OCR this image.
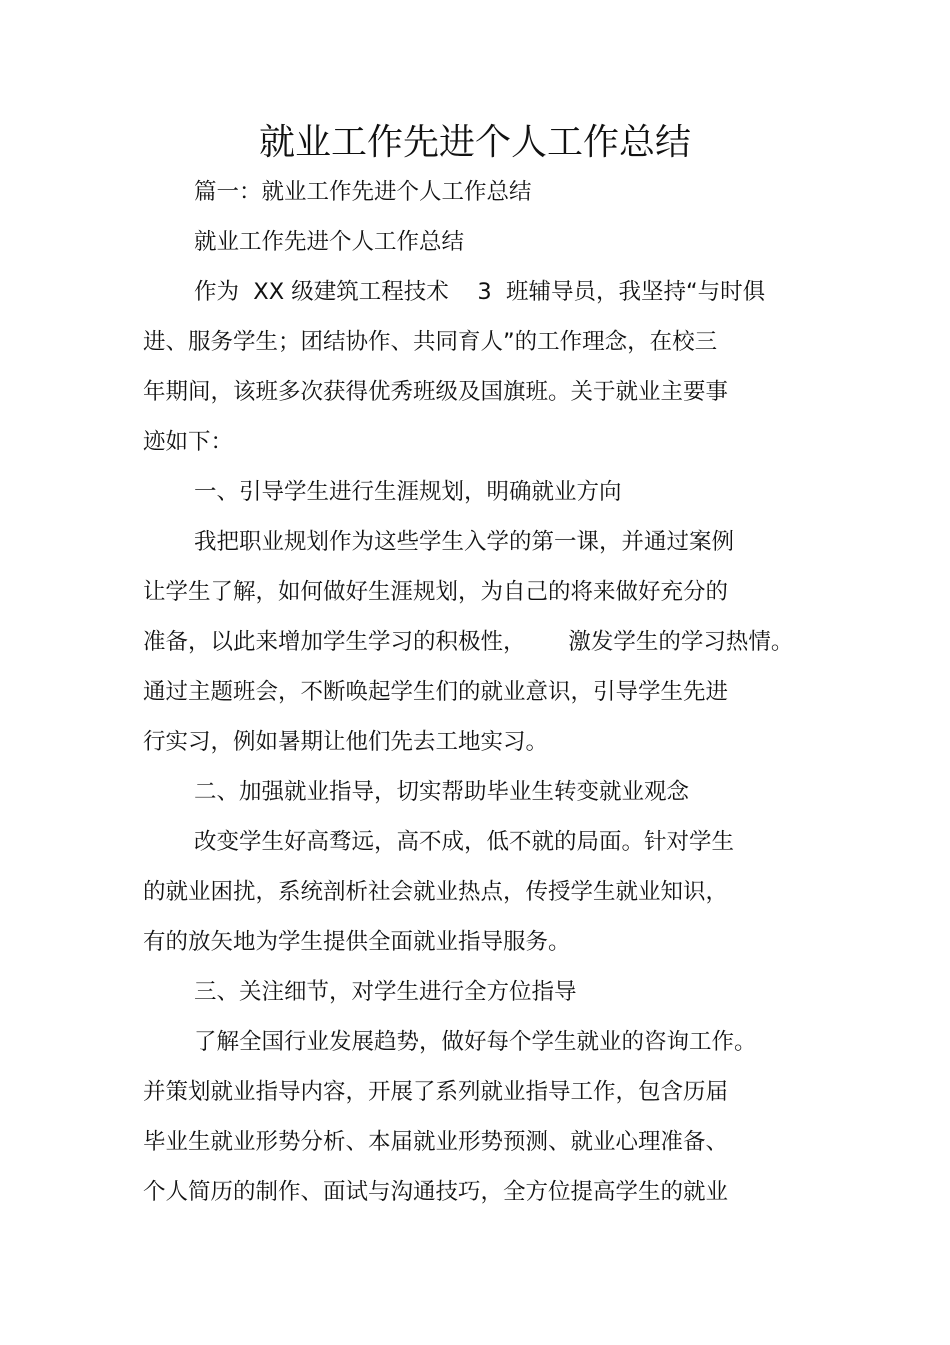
就业工作先进个人工作总结
篇一：就业工作先进个人工作总结
就业工作先进个人工作总结
作为  XX 级建筑工程技术    3  班辅导员，我坚持“与时俱
进、服务学生；团结协作、共同育人”的工作理念，在校三
年期间，该班多次获得优秀班级及国旗班。关于就业主要事
迹如下：
一、引导学生进行生涯规划，明确就业方向
我把职业规划作为这些学生入学的第一课，并通过案例
让学生了解，如何做好生涯规划，为自己的将来做好充分的
准备，以此来增加学生学习的积极性，      激发学生的学习热情。
通过主题班会，不断唤起学生们的就业意识，引导学生先进
行实习，例如暑期让他们先去工地实习。
二、加强就业指导，切实帮助毕业生转变就业观念
改变学生好高骛远，高不成，低不就的局面。针对学生
的就业困扰，系统剖析社会就业热点，传授学生就业知识，
有的放矢地为学生提供全面就业指导服务。
三、关注细节，对学生进行全方位指导
了解全国行业发展趋势，做好每个学生就业的咨询工作。
并策划就业指导内容，开展了系列就业指导工作，包含历届
毕业生就业形势分析、本届就业形势预测、就业心理准备、
个人简历的制作、面试与沟通技巧，全方位提高学生的就业
